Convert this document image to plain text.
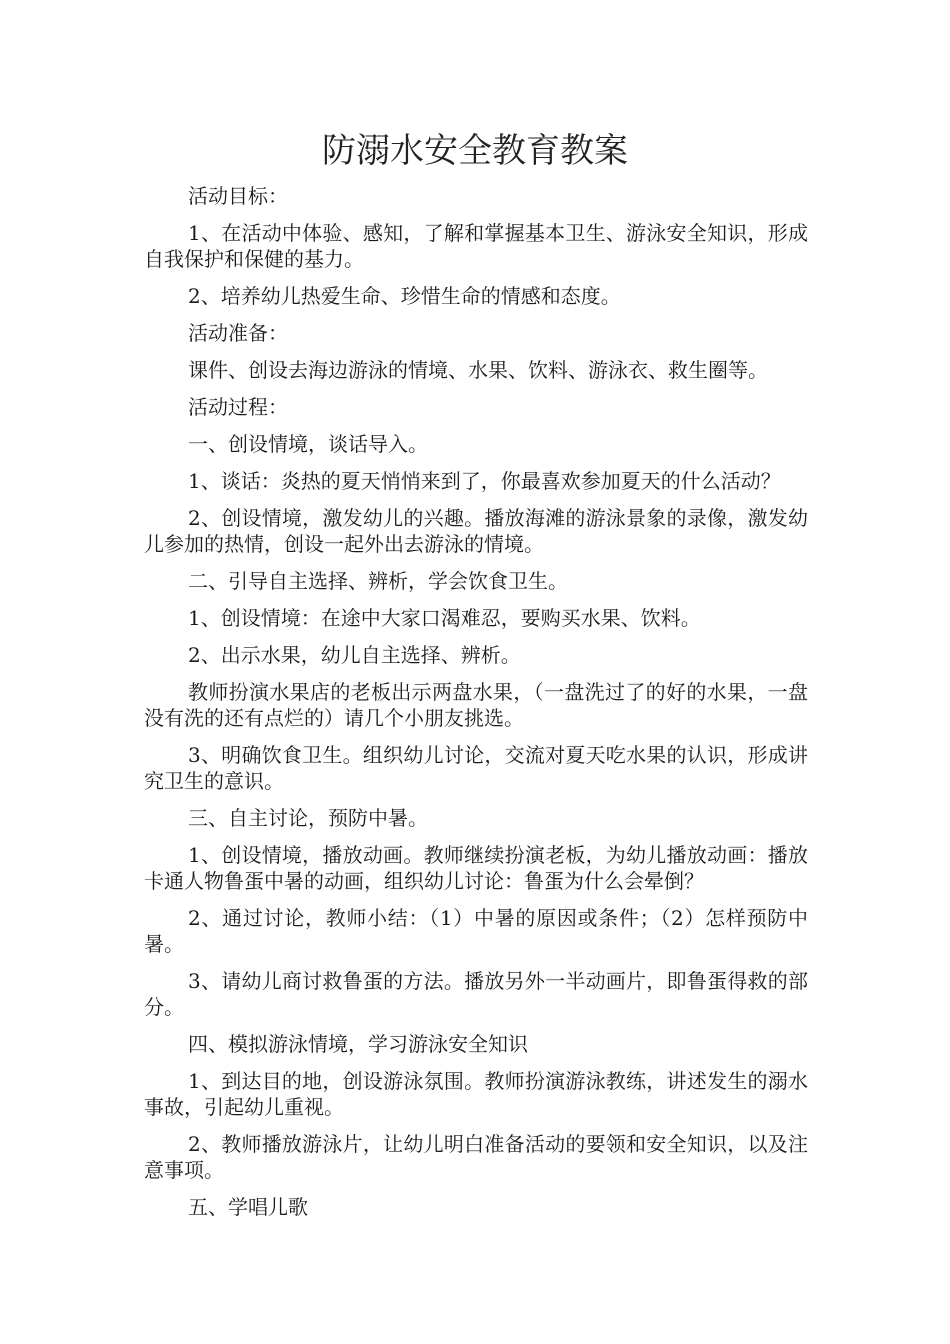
防溺水安全教育教案

活动目标：

1、在活动中体验、感知，了解和掌握基本卫生、游泳安全知识，形成自我保护和保健的基力。

2、培养幼儿热爱生命、珍惜生命的情感和态度。

活动准备：

课件、创设去海边游泳的情境、水果、饮料、游泳衣、救生圈等。

活动过程：

一、创设情境，谈话导入。

1、谈话：炎热的夏天悄悄来到了，你最喜欢参加夏天的什么活动？

2、创设情境，激发幼儿的兴趣。播放海滩的游泳景象的录像，激发幼儿参加的热情，创设一起外出去游泳的情境。

二、引导自主选择、辨析，学会饮食卫生。

1、创设情境：在途中大家口渴难忍，要购买水果、饮料。

2、出示水果，幼儿自主选择、辨析。

教师扮演水果店的老板出示两盘水果，（一盘洗过了的好的水果，一盘没有洗的还有点烂的）请几个小朋友挑选。

3、明确饮食卫生。组织幼儿讨论，交流对夏天吃水果的认识，形成讲究卫生的意识。

三、自主讨论，预防中暑。

1、创设情境，播放动画。教师继续扮演老板，为幼儿播放动画：播放卡通人物鲁蛋中暑的动画，组织幼儿讨论：鲁蛋为什么会晕倒？

2、通过讨论，教师小结：（1）中暑的原因或条件；（2）怎样预防中暑。

3、请幼儿商讨救鲁蛋的方法。播放另外一半动画片，即鲁蛋得救的部分。

四、模拟游泳情境，学习游泳安全知识

1、到达目的地，创设游泳氛围。教师扮演游泳教练，讲述发生的溺水事故，引起幼儿重视。

2、教师播放游泳片，让幼儿明白准备活动的要领和安全知识，以及注意事项。

五、学唱儿歌
